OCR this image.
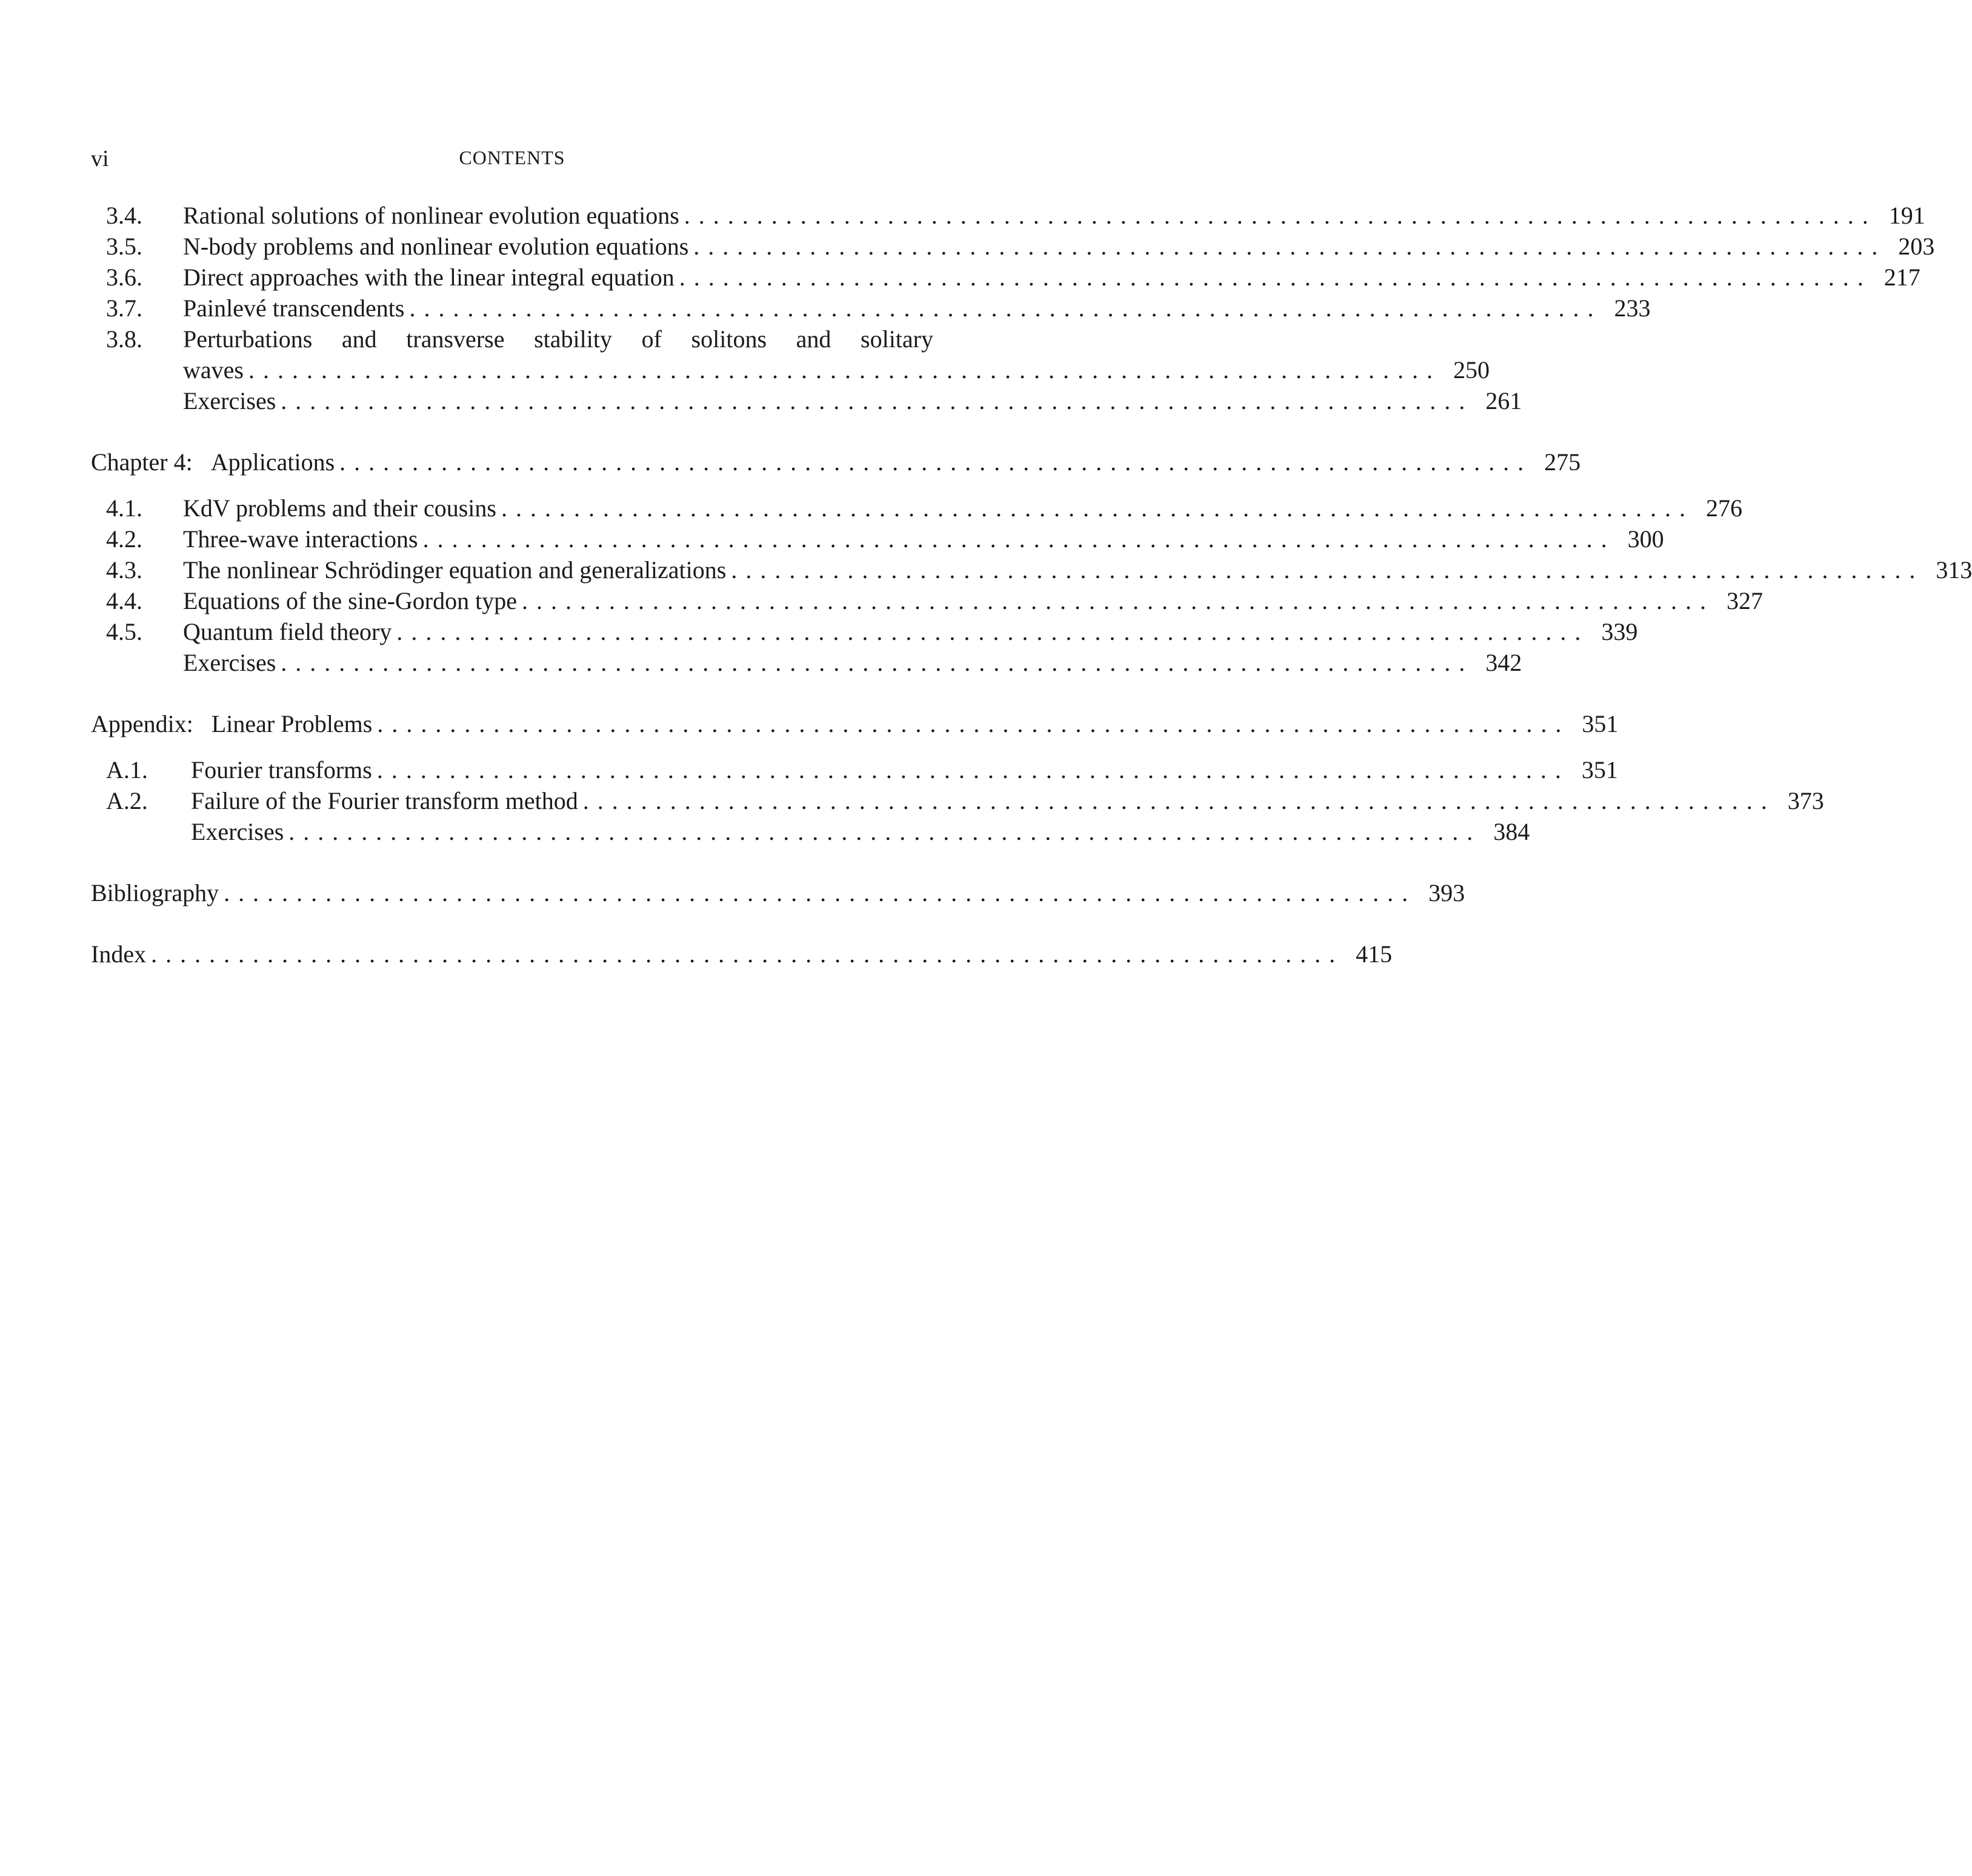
vi	CONTENTS
3.4.	Rational solutions of nonlinear evolution equations .................................................................................. 191
3.5.	N-body problems and nonlinear evolution equations .................................................................................. 203
3.6.	Direct approaches with the linear integral equation .................................................................................. 217
3.7.	Painlevé transcendents .................................................................................. 233
3.8.	Perturbations and transverse stability of solitons and solitary
waves .................................................................................. 250
Exercises .................................................................................. 261
Chapter 4: Applications .................................................................................. 275
4.1.	KdV problems and their cousins .................................................................................. 276
4.2.	Three-wave interactions .................................................................................. 300
4.3.	The nonlinear Schrödinger equation and generalizations .................................................................................. 313
4.4.	Equations of the sine-Gordon type .................................................................................. 327
4.5.	Quantum field theory .................................................................................. 339
Exercises .................................................................................. 342
Appendix: Linear Problems .................................................................................. 351
A.1.	Fourier transforms .................................................................................. 351
A.2.	Failure of the Fourier transform method .................................................................................. 373
Exercises .................................................................................. 384
Bibliography .................................................................................. 393
Index .................................................................................. 415
